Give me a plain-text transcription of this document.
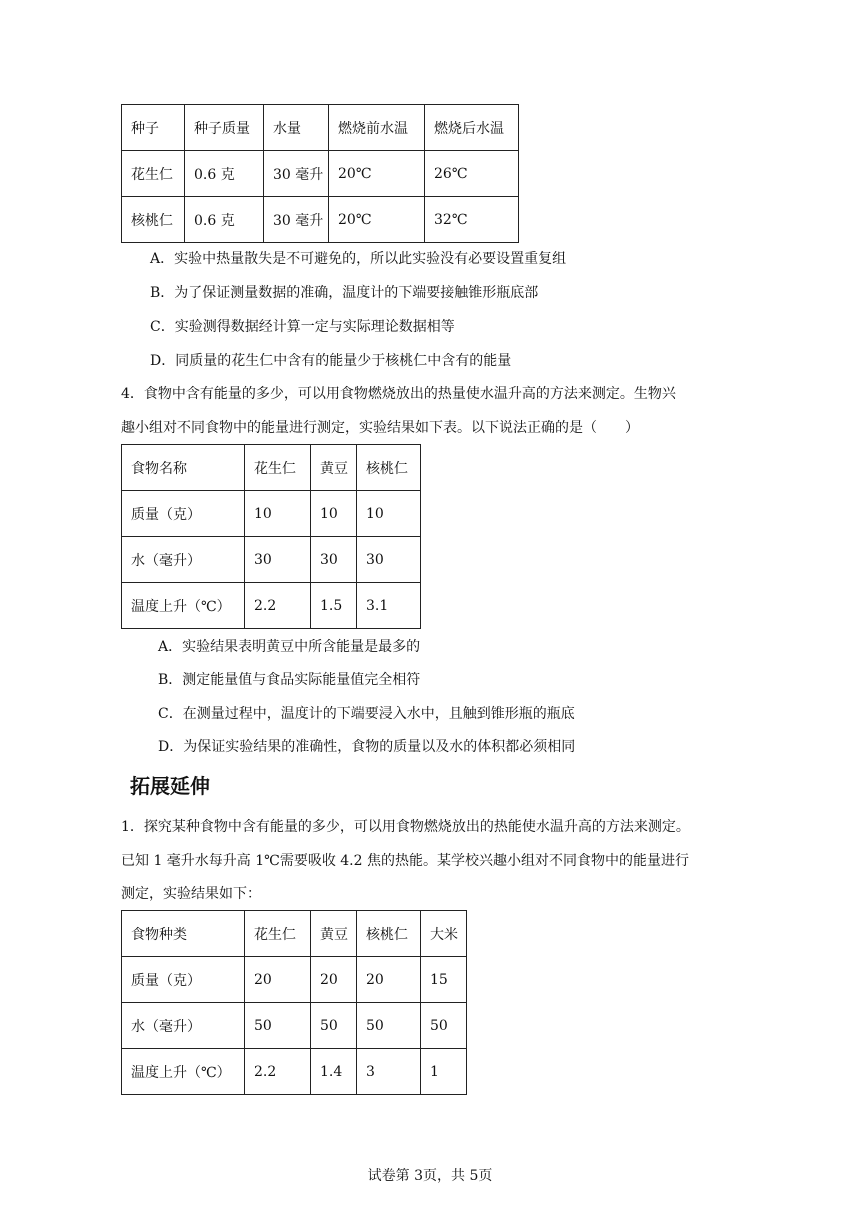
种子	种子质量	水量	燃烧前水温	燃烧后水温
花生仁	0.6 克	30 毫升	20℃	26℃
核桃仁	0.6 克	30 毫升	20℃	32℃
A．实验中热量散失是不可避免的，所以此实验没有必要设置重复组
B．为了保证测量数据的准确，温度计的下端要接触锥形瓶底部
C．实验测得数据经计算一定与实际理论数据相等
D．同质量的花生仁中含有的能量少于核桃仁中含有的能量
4．食物中含有能量的多少，可以用食物燃烧放出的热量使水温升高的方法来测定。生物兴
趣小组对不同食物中的能量进行测定，实验结果如下表。以下说法正确的是（　　）
食物名称	花生仁	黄豆	核桃仁
质量（克）	10	10	10
水（毫升）	30	30	30
温度上升（℃）	2.2	1.5	3.1
A．实验结果表明黄豆中所含能量是最多的
B．测定能量值与食品实际能量值完全相符
C．在测量过程中，温度计的下端要浸入水中，且触到锥形瓶的瓶底
D．为保证实验结果的准确性，食物的质量以及水的体积都必须相同
拓展延伸
1．探究某种食物中含有能量的多少，可以用食物燃烧放出的热能使水温升高的方法来测定。
已知 1 毫升水每升高 1℃需要吸收 4.2 焦的热能。某学校兴趣小组对不同食物中的能量进行
测定，实验结果如下：
食物种类	花生仁	黄豆	核桃仁	大米
质量（克）	20	20	20	15
水（毫升）	50	50	50	50
温度上升（℃）	2.2	1.4	3	1
试卷第 3页，共 5页
